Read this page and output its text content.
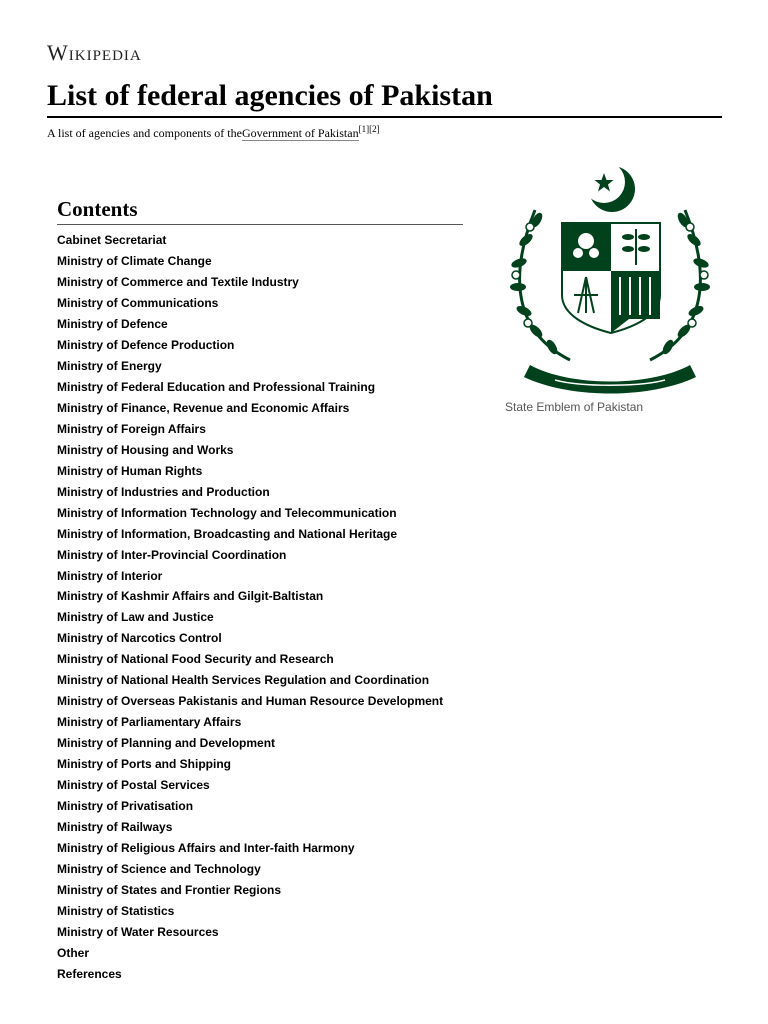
Wikipedia
List of federal agencies of Pakistan
A list of agencies and components of theGovernment of Pakistan[1][2]
Contents
Cabinet Secretariat
Ministry of Climate Change
Ministry of Commerce and Textile Industry
Ministry of Communications
Ministry of Defence
Ministry of Defence Production
Ministry of Energy
Ministry of Federal Education and Professional Training
Ministry of Finance, Revenue and Economic Affairs
Ministry of Foreign Affairs
Ministry of Housing and Works
Ministry of Human Rights
Ministry of Industries and Production
Ministry of Information Technology and Telecommunication
Ministry of Information, Broadcasting and National Heritage
Ministry of Inter-Provincial Coordination
Ministry of Interior
Ministry of Kashmir Affairs and Gilgit-Baltistan
Ministry of Law and Justice
Ministry of Narcotics Control
Ministry of National Food Security and Research
Ministry of National Health Services Regulation and Coordination
Ministry of Overseas Pakistanis and Human Resource Development
Ministry of Parliamentary Affairs
Ministry of Planning and Development
Ministry of Ports and Shipping
Ministry of Postal Services
Ministry of Privatisation
Ministry of Railways
Ministry of Religious Affairs and Inter-faith Harmony
Ministry of Science and Technology
Ministry of States and Frontier Regions
Ministry of Statistics
Ministry of Water Resources
Other
References
State Emblem of Pakistan
